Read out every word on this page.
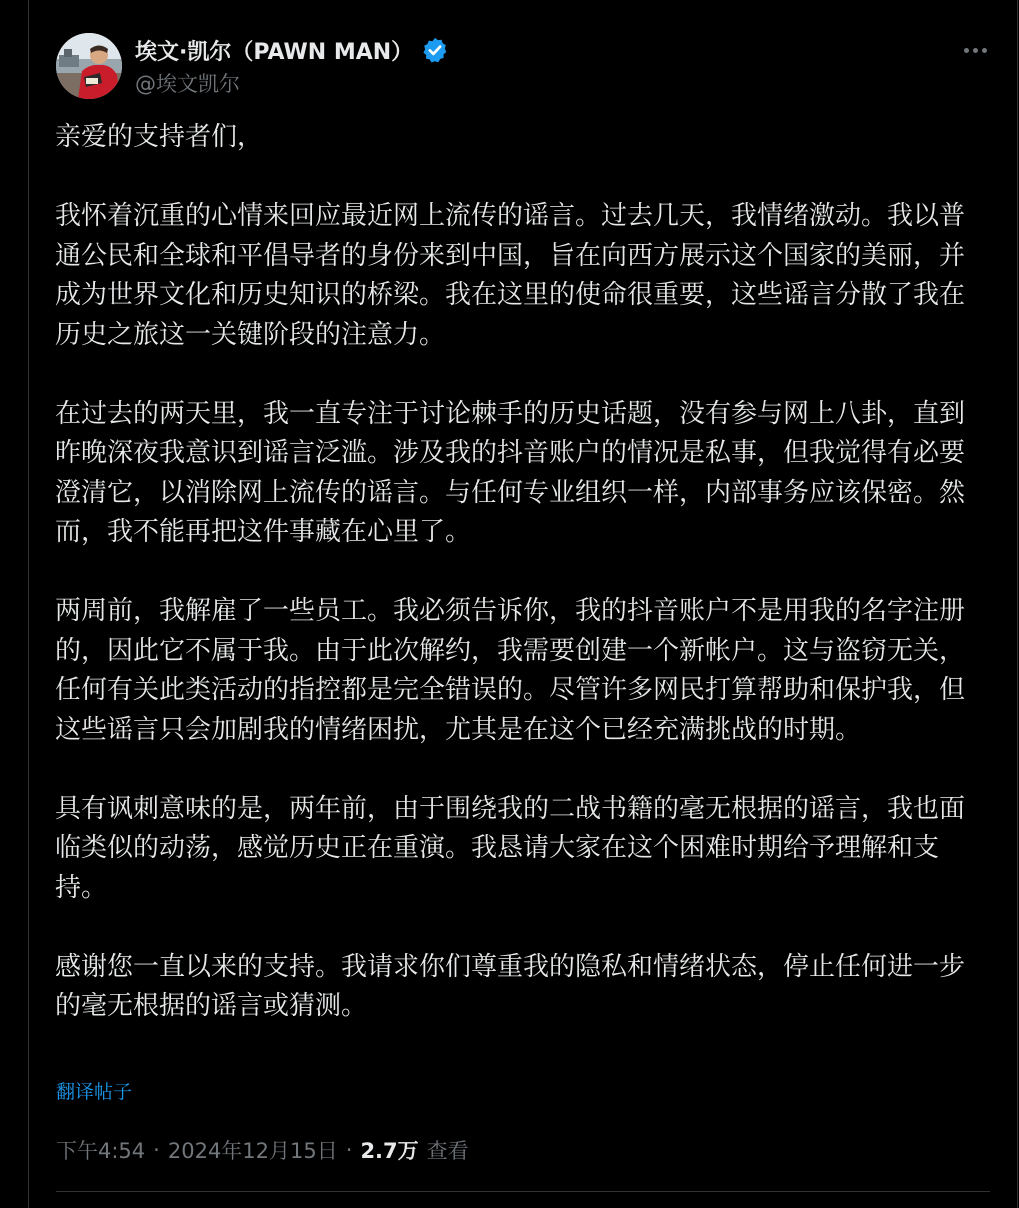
埃文·凯尔（PAWN MAN）
@埃文凯尔

亲爱的支持者们，

我怀着沉重的心情来回应最近网上流传的谣言。过去几天，我情绪激动。我以普通公民和全球和平倡导者的身份来到中国，旨在向西方展示这个国家的美丽，并成为世界文化和历史知识的桥梁。我在这里的使命很重要，这些谣言分散了我在历史之旅这一关键阶段的注意力。

在过去的两天里，我一直专注于讨论棘手的历史话题，没有参与网上八卦，直到昨晚深夜我意识到谣言泛滥。涉及我的抖音账户的情况是私事，但我觉得有必要澄清它，以消除网上流传的谣言。与任何专业组织一样，内部事务应该保密。然而，我不能再把这件事藏在心里了。

两周前，我解雇了一些员工。我必须告诉你，我的抖音账户不是用我的名字注册的，因此它不属于我。由于此次解约，我需要创建一个新帐户。这与盗窃无关，任何有关此类活动的指控都是完全错误的。尽管许多网民打算帮助和保护我，但这些谣言只会加剧我的情绪困扰，尤其是在这个已经充满挑战的时期。

具有讽刺意味的是，两年前，由于围绕我的二战书籍的毫无根据的谣言，我也面临类似的动荡，感觉历史正在重演。我恳请大家在这个困难时期给予理解和支持。

感谢您一直以来的支持。我请求你们尊重我的隐私和情绪状态，停止任何进一步的毫无根据的谣言或猜测。

翻译帖子
下午4:54 · 2024年12月15日 · 2.7万 查看
